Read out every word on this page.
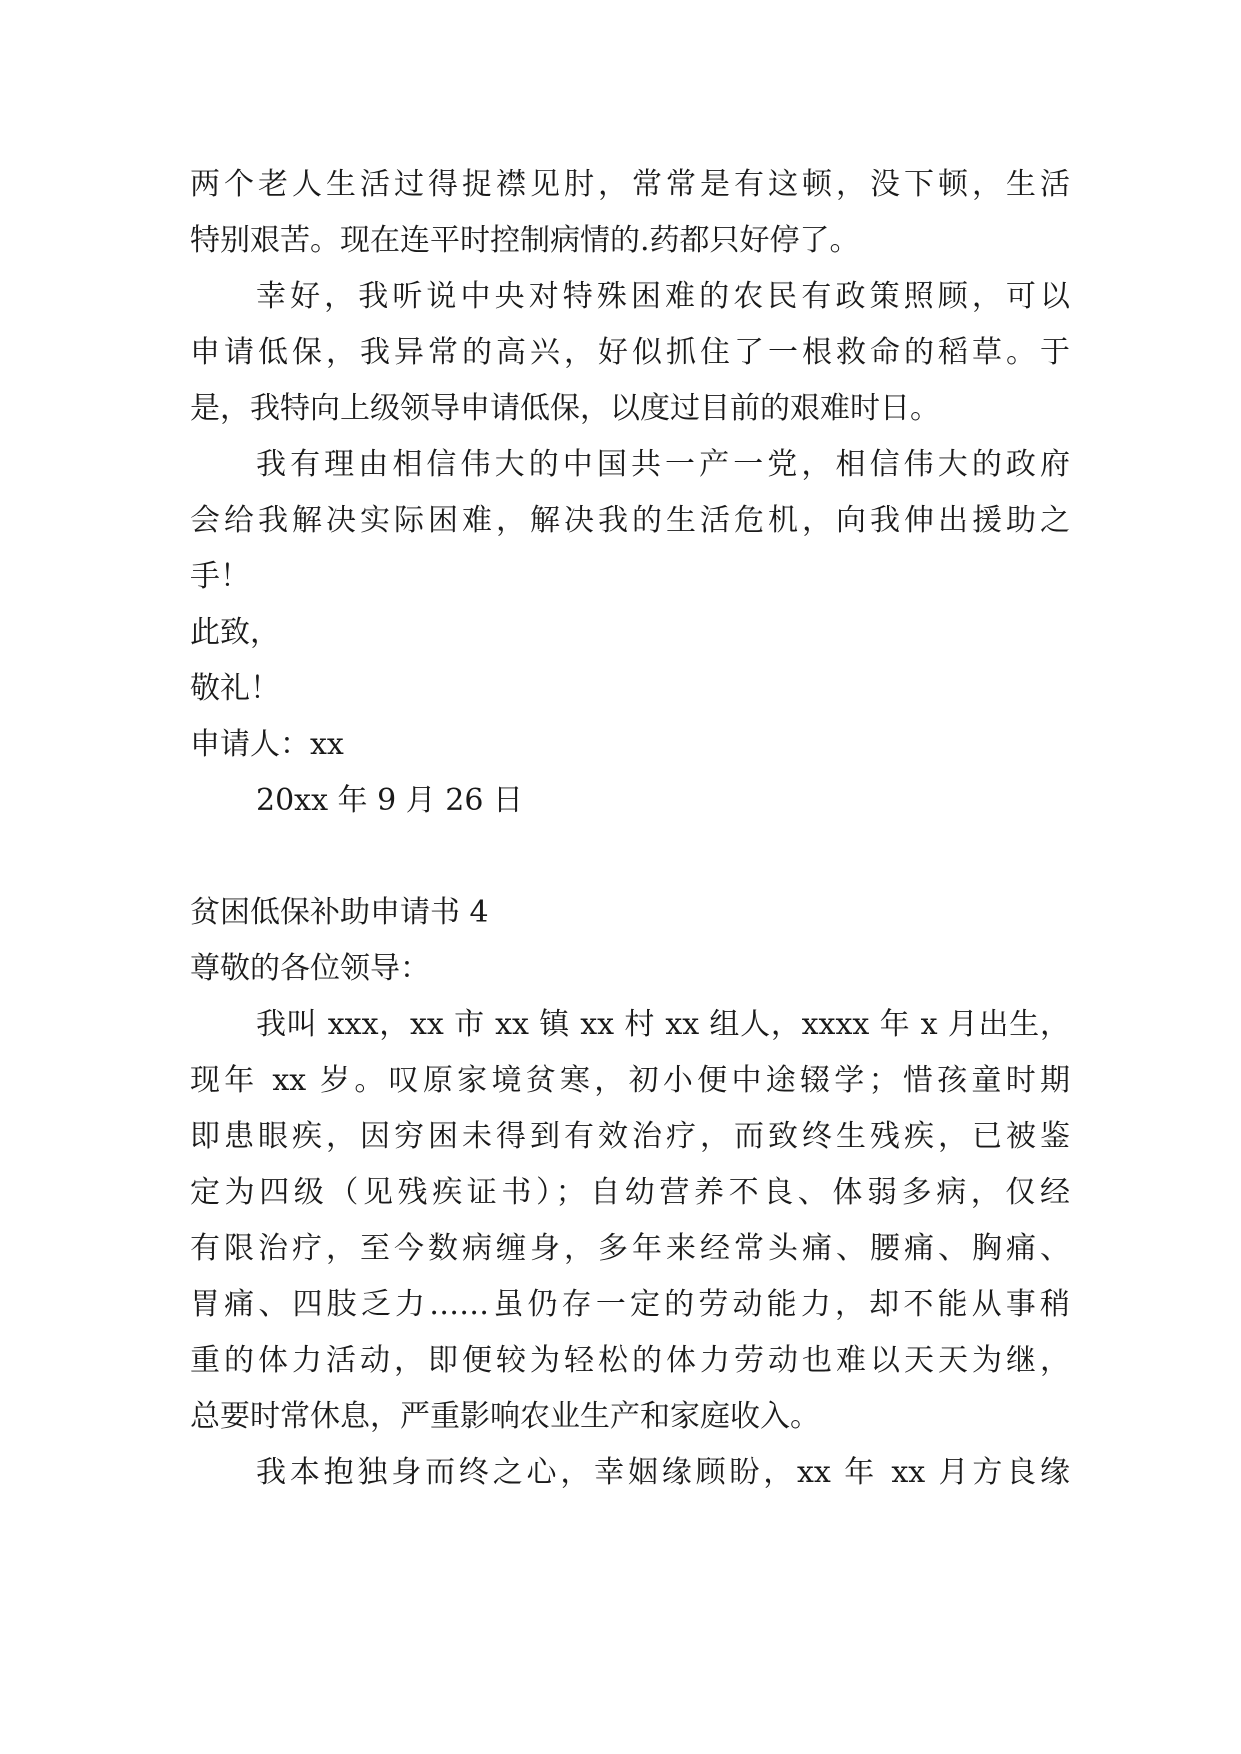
两个老人生活过得捉襟见肘，常常是有这顿，没下顿，生活
特别艰苦。现在连平时控制病情的.药都只好停了。
幸好，我听说中央对特殊困难的农民有政策照顾，可以
申请低保，我异常的高兴，好似抓住了一根救命的稻草。于
是，我特向上级领导申请低保，以度过目前的艰难时日。
我有理由相信伟大的中国共一产一党，相信伟大的政府
会给我解决实际困难，解决我的生活危机，向我伸出援助之
手！
此致，
敬礼！
申请人：xx
20xx 年 9 月 26 日
贫困低保补助申请书 4
尊敬的各位领导：
我叫 xxx，xx 市 xx 镇 xx 村 xx 组人，xxxx 年 x 月出生，
现年 xx 岁。叹原家境贫寒，初小便中途辍学；惜孩童时期
即患眼疾，因穷困未得到有效治疗，而致终生残疾，已被鉴
定为四级（见残疾证书）；自幼营养不良、体弱多病，仅经
有限治疗，至今数病缠身，多年来经常头痛、腰痛、胸痛、
胃痛、四肢乏力……虽仍存一定的劳动能力，却不能从事稍
重的体力活动，即便较为轻松的体力劳动也难以天天为继，
总要时常休息，严重影响农业生产和家庭收入。
我本抱独身而终之心，幸姻缘顾盼，xx 年 xx 月方良缘
